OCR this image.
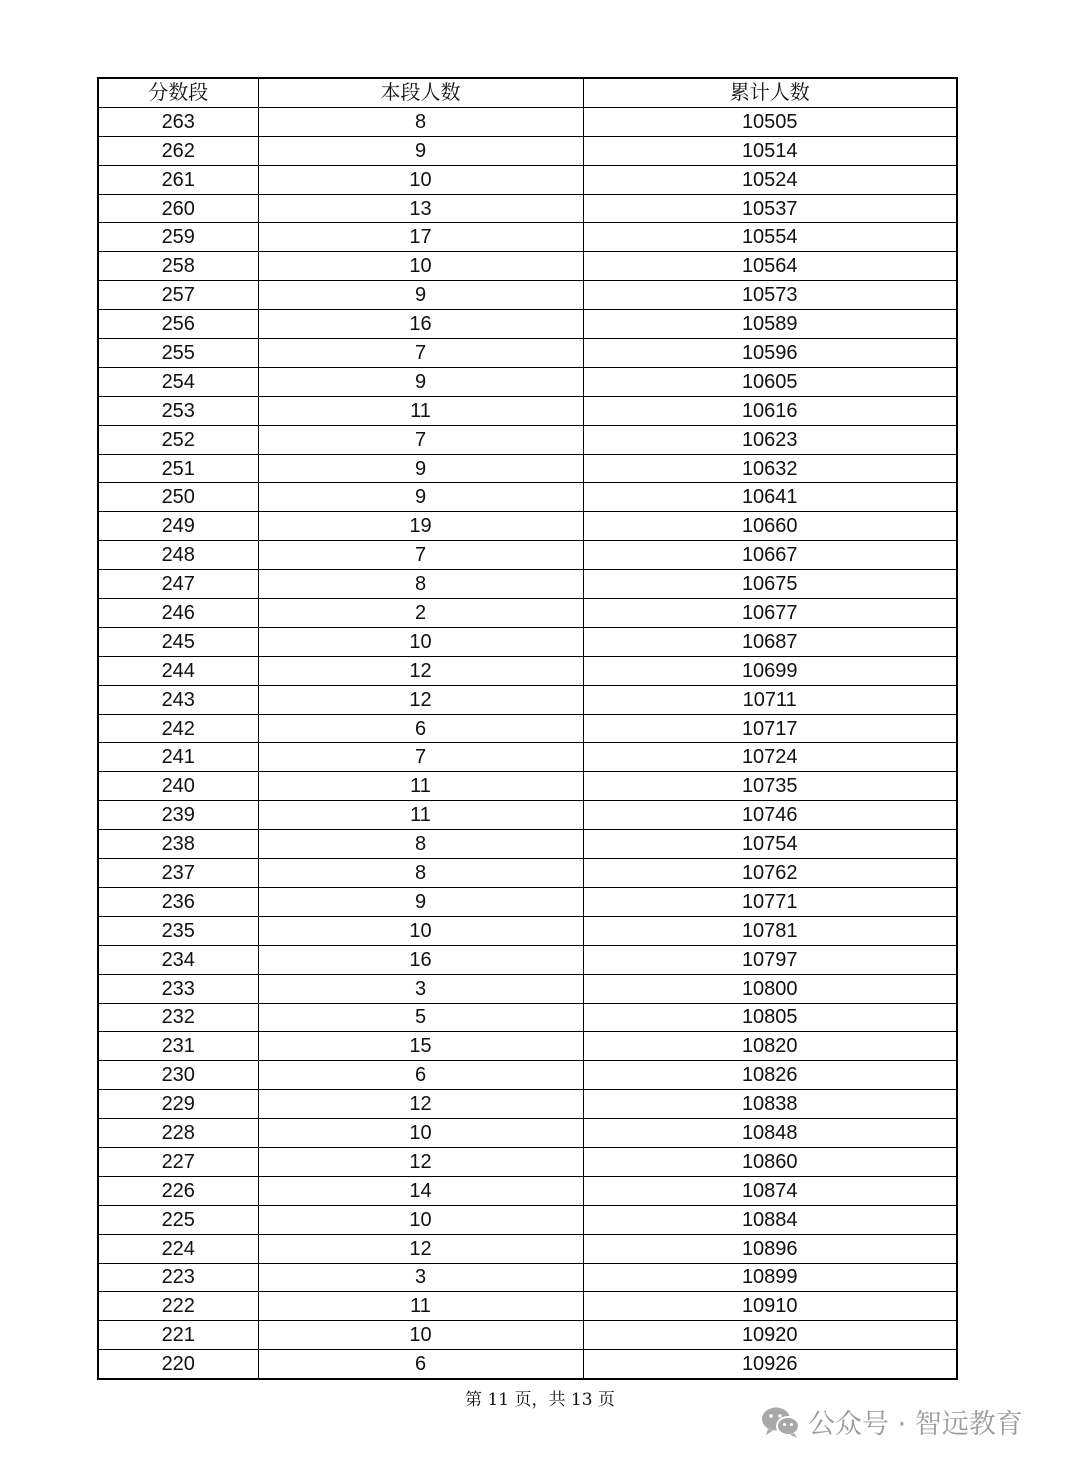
分数段	本段人数	累计人数
263	8	10505
262	9	10514
261	10	10524
260	13	10537
259	17	10554
258	10	10564
257	9	10573
256	16	10589
255	7	10596
254	9	10605
253	11	10616
252	7	10623
251	9	10632
250	9	10641
249	19	10660
248	7	10667
247	8	10675
246	2	10677
245	10	10687
244	12	10699
243	12	10711
242	6	10717
241	7	10724
240	11	10735
239	11	10746
238	8	10754
237	8	10762
236	9	10771
235	10	10781
234	16	10797
233	3	10800
232	5	10805
231	15	10820
230	6	10826
229	12	10838
228	10	10848
227	12	10860
226	14	10874
225	10	10884
224	12	10896
223	3	10899
222	11	10910
221	10	10920
220	6	10926
第 11 页，共 13 页
公众号 · 智远教育
